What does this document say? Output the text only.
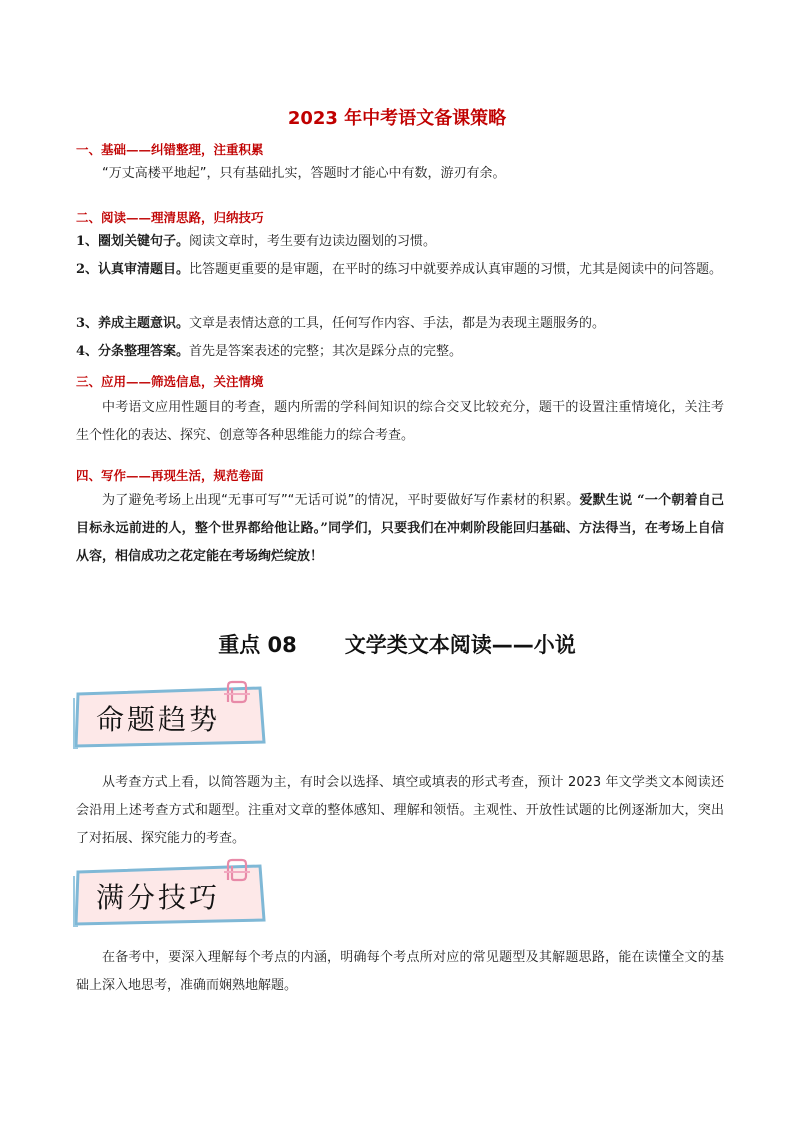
2023 年中考语文备课策略
一、基础——纠错整理，注重积累
“万丈高楼平地起”，只有基础扎实，答题时才能心中有数，游刃有余。
二、阅读——理清思路，归纳技巧
1、圈划关键句子。阅读文章时，考生要有边读边圈划的习惯。
2、认真审清题目。比答题更重要的是审题，在平时的练习中就要养成认真审题的习惯，尤其是阅读中的问答题。
3、养成主题意识。文章是表情达意的工具，任何写作内容、手法，都是为表现主题服务的。
4、分条整理答案。首先是答案表述的完整；其次是踩分点的完整。
三、应用——筛选信息，关注情境
中考语文应用性题目的考查，题内所需的学科间知识的综合交叉比较充分，题干的设置注重情境化，关注考生个性化的表达、探究、创意等各种思维能力的综合考查。
四、写作——再现生活，规范卷面
为了避免考场上出现“无事可写”“无话可说”的情况，平时要做好写作素材的积累。爱默生说 “一个朝着自己目标永远前进的人，整个世界都给他让路。”同学们，只要我们在冲刺阶段能回归基础、方法得当，在考场上自信从容，相信成功之花定能在考场绚烂绽放！
重点 08 文学类文本阅读——小说
命题趋势
从考查方式上看，以简答题为主，有时会以选择、填空或填表的形式考查，预计 2023 年文学类文本阅读还会沿用上述考查方式和题型。注重对文章的整体感知、理解和领悟。主观性、开放性试题的比例逐渐加大，突出了对拓展、探究能力的考查。
满分技巧
在备考中，要深入理解每个考点的内涵，明确每个考点所对应的常见题型及其解题思路，能在读懂全文的基础上深入地思考，准确而娴熟地解题。
